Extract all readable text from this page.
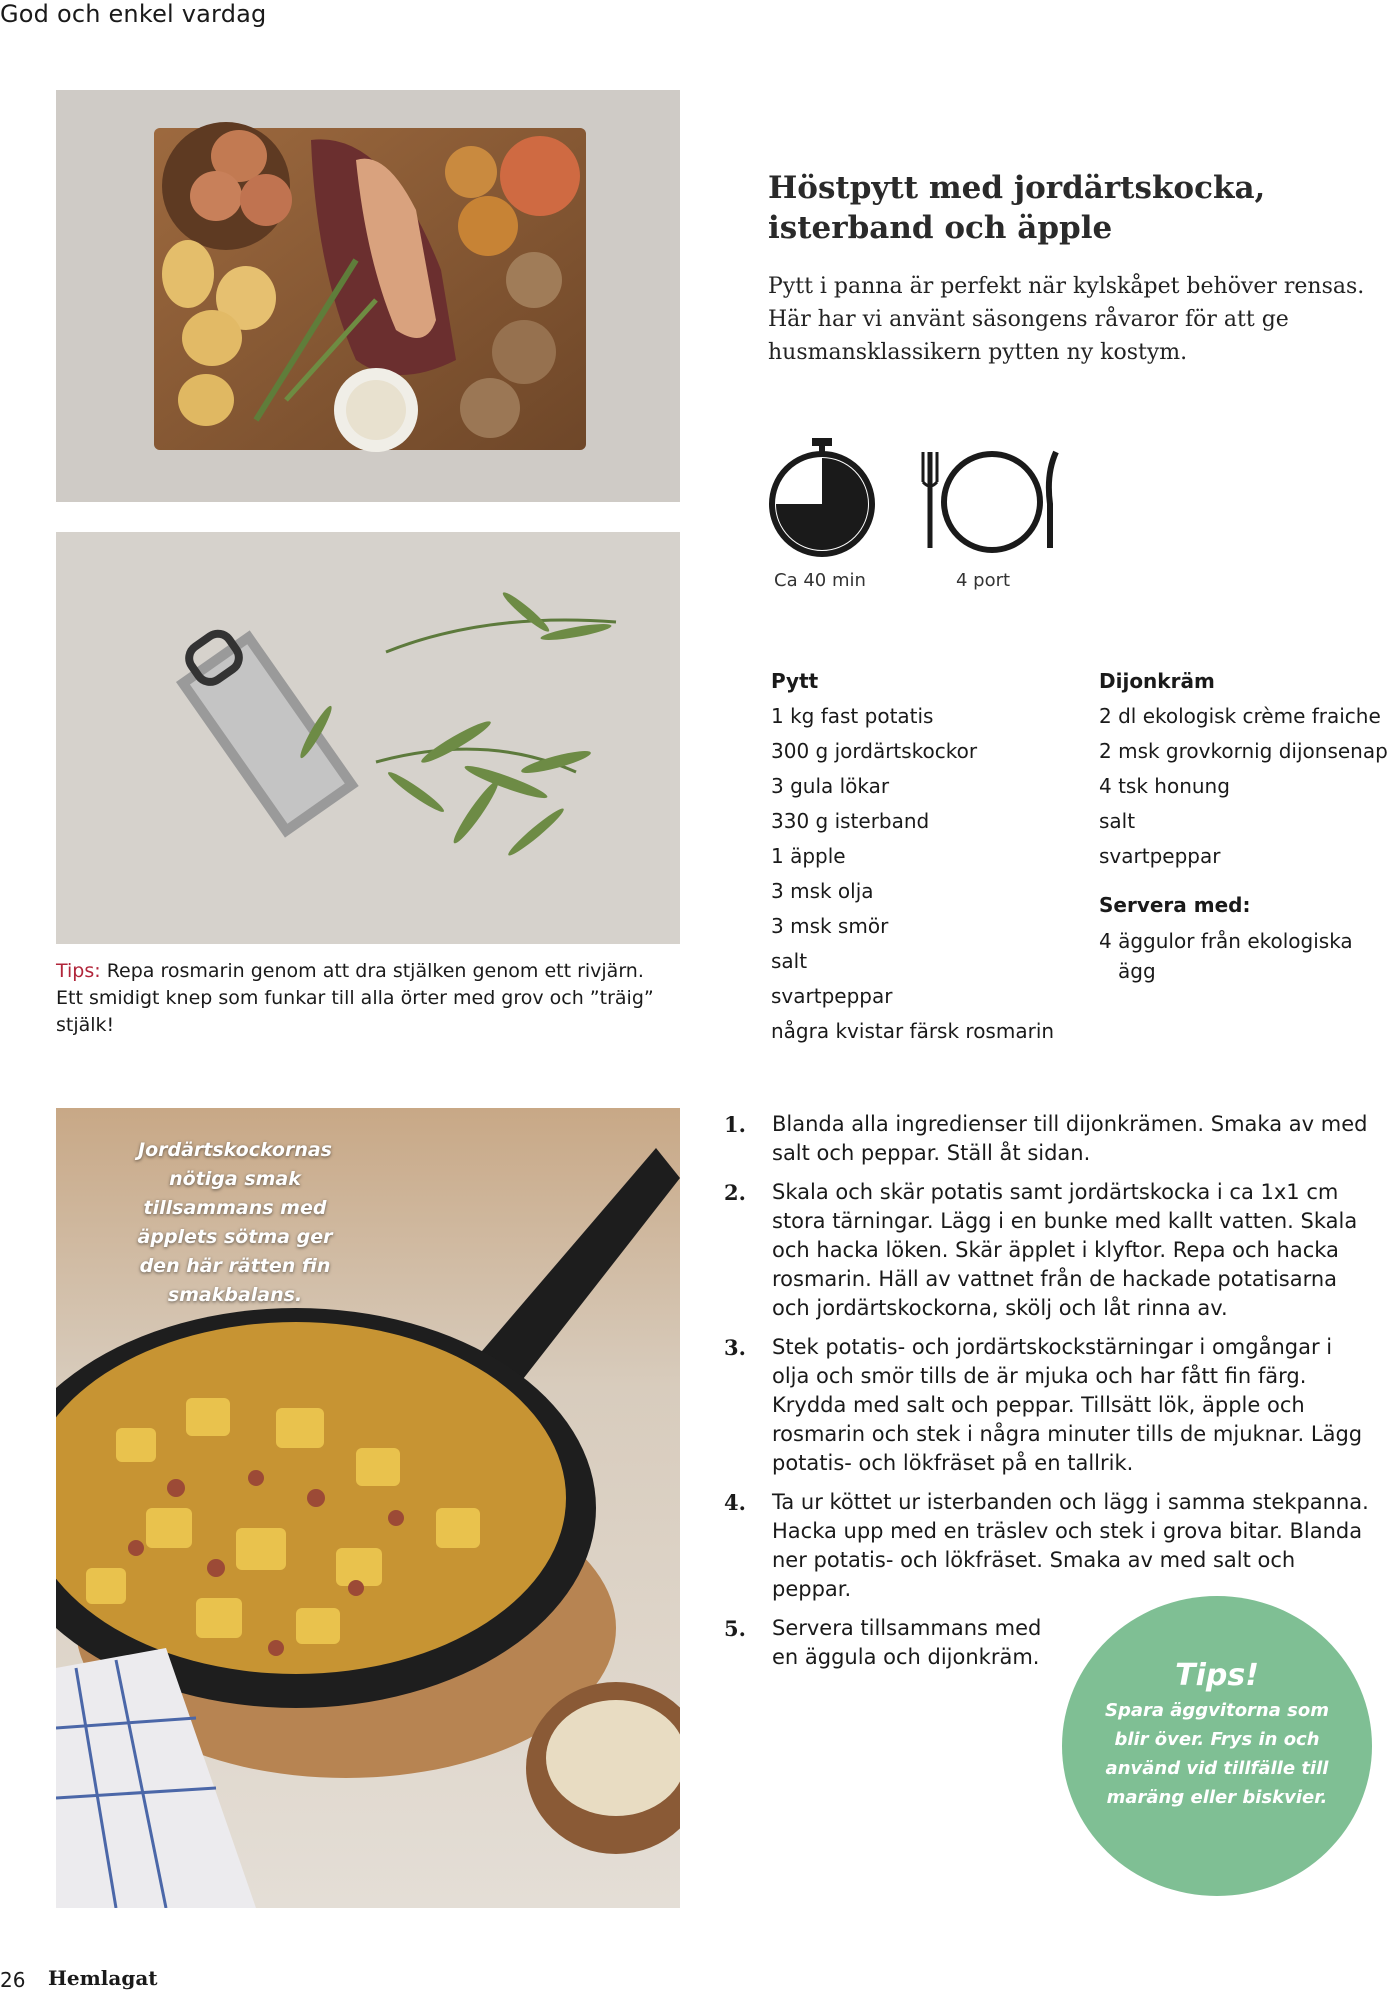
God och enkel vardag
Jordärtskockornas nötiga smak tillsammans med äpplets sötma ger den här rätten fin smakbalans.
Höstpytt med jordärtskocka, isterband och äpple
Pytt i panna är perfekt när kylskåpet behöver rensas. Här har vi använt säsongens råvaror för att ge husmansklassikern pytten ny kostym.
Ca 40 min	4 port
Pytt
1 kg fast potatis
300 g jordärtskockor
3 gula lökar
330 g isterband
1 äpple
3 msk olja
3 msk smör
salt
svartpeppar
några kvistar färsk rosmarin
Dijonkräm
2 dl ekologisk crème fraiche
2 msk grovkornig dijonsenap
4 tsk honung
salt
svartpeppar
Servera med:
4 äggulor från ekologiska
ägg
Tips: Repa rosmarin genom att dra stjälken genom ett rivjärn. Ett smidigt knep som funkar till alla örter med grov och ”träig” stjälk!
1. Blanda alla ingredienser till dijonkrämen. Smaka av med salt och peppar. Ställ åt sidan.
2. Skala och skär potatis samt jordärtskocka i ca 1x1 cm stora tärningar. Lägg i en bunke med kallt vatten. Skala och hacka löken. Skär äpplet i klyftor. Repa och hacka rosmarin. Häll av vattnet från de hackade potatisarna och jordärtskockorna, skölj och låt rinna av.
3. Stek potatis- och jordärtskockstärningar i omgångar i olja och smör tills de är mjuka och har fått fin färg. Krydda med salt och peppar. Tillsätt lök, äpple och rosmarin och stek i några minuter tills de mjuknar. Lägg potatis- och lökfräset på en tallrik.
4. Ta ur köttet ur isterbanden och lägg i samma stekpanna. Hacka upp med en träslev och stek i grova bitar. Blanda ner potatis- och lökfräset. Smaka av med salt och peppar.
5. Servera tillsammans med en äggula och dijonkräm.
Tips!
Spara äggvitorna som blir över. Frys in och använd vid tillfälle till maräng eller biskvier.
26 Hemlagat
